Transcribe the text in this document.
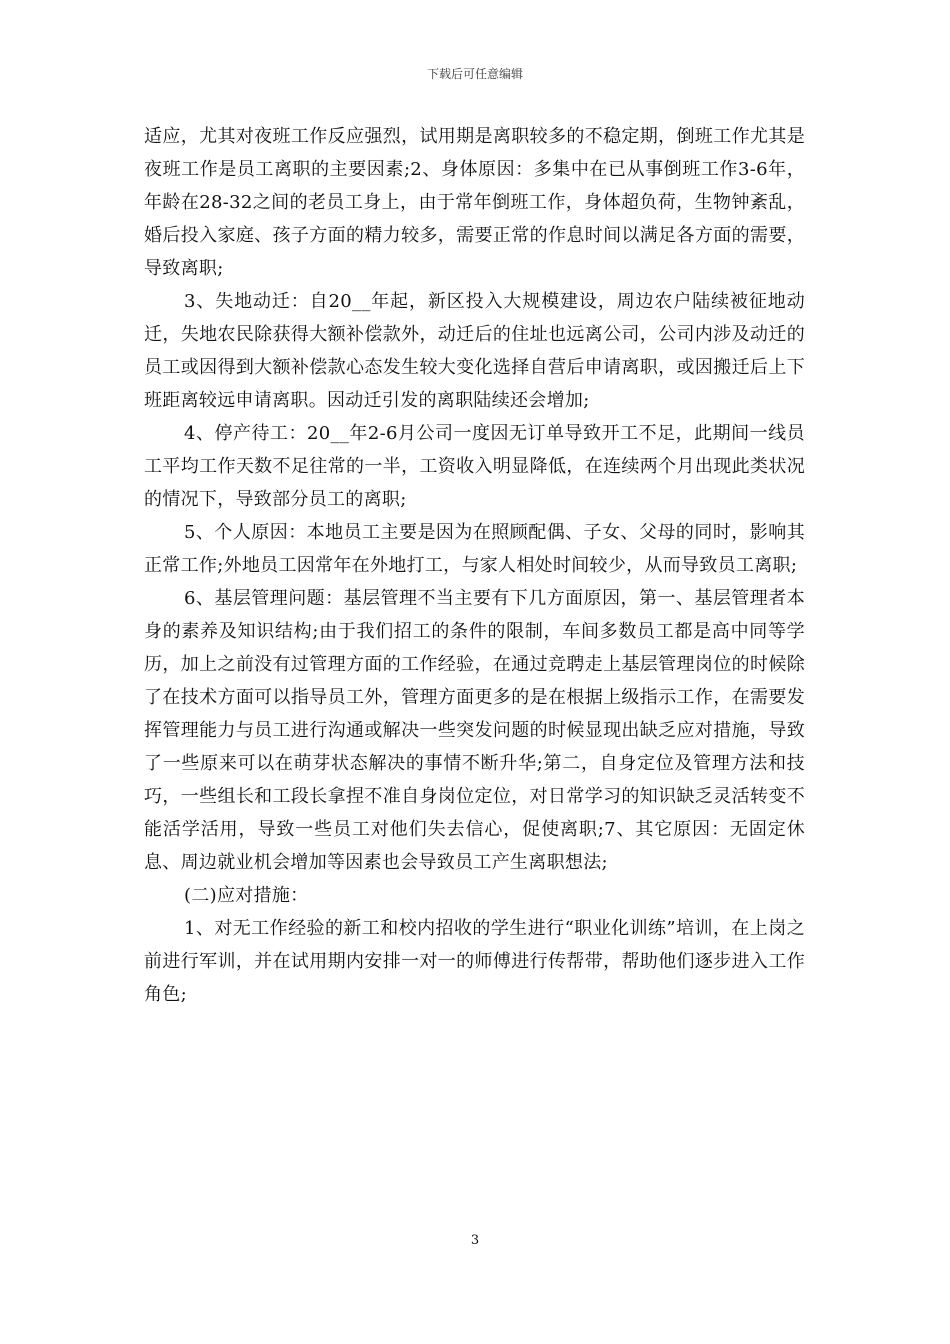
下载后可任意编辑

适应，尤其对夜班工作反应强烈，试用期是离职较多的不稳定期，倒班工作尤其是夜班工作是员工离职的主要因素;2、身体原因：多集中在已从事倒班工作3-6年，年龄在28-32之间的老员工身上，由于常年倒班工作，身体超负荷，生物钟紊乱，婚后投入家庭、孩子方面的精力较多，需要正常的作息时间以满足各方面的需要，导致离职;

3、失地动迁：自20__年起，新区投入大规模建设，周边农户陆续被征地动迁，失地农民除获得大额补偿款外，动迁后的住址也远离公司，公司内涉及动迁的员工或因得到大额补偿款心态发生较大变化选择自营后申请离职，或因搬迁后上下班距离较远申请离职。因动迁引发的离职陆续还会增加;

4、停产待工：20__年2-6月公司一度因无订单导致开工不足，此期间一线员工平均工作天数不足往常的一半，工资收入明显降低，在连续两个月出现此类状况的情况下，导致部分员工的离职;

5、个人原因：本地员工主要是因为在照顾配偶、子女、父母的同时，影响其正常工作;外地员工因常年在外地打工，与家人相处时间较少，从而导致员工离职;

6、基层管理问题：基层管理不当主要有下几方面原因，第一、基层管理者本身的素养及知识结构;由于我们招工的条件的限制，车间多数员工都是高中同等学历，加上之前没有过管理方面的工作经验，在通过竞聘走上基层管理岗位的时候除了在技术方面可以指导员工外，管理方面更多的是在根据上级指示工作，在需要发挥管理能力与员工进行沟通或解决一些突发问题的时候显现出缺乏应对措施，导致了一些原来可以在萌芽状态解决的事情不断升华;第二，自身定位及管理方法和技巧，一些组长和工段长拿捏不准自身岗位定位，对日常学习的知识缺乏灵活转变不能活学活用，导致一些员工对他们失去信心，促使离职;7、其它原因：无固定休息、周边就业机会增加等因素也会导致员工产生离职想法;

(二)应对措施：

1、对无工作经验的新工和校内招收的学生进行“职业化训练”培训，在上岗之前进行军训，并在试用期内安排一对一的师傅进行传帮带，帮助他们逐步进入工作角色;

3
